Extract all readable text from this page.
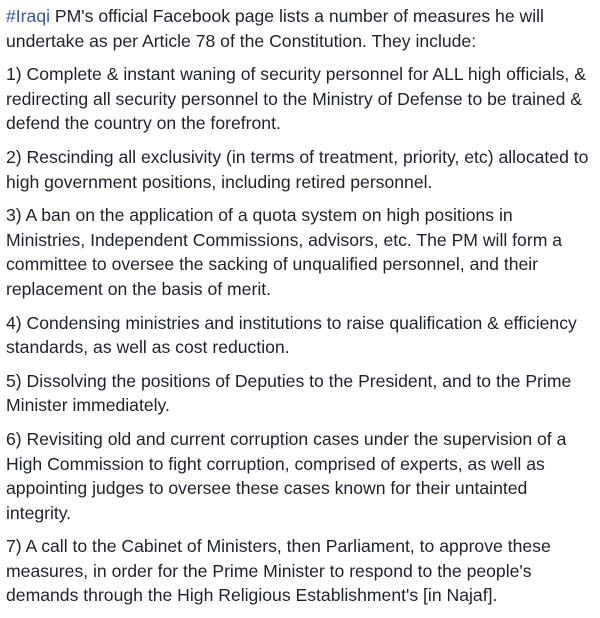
#Iraqi PM's official Facebook page lists a number of measures he will undertake as per Article 78 of the Constitution. They include:

1) Complete & instant waning of security personnel for ALL high officials, & redirecting all security personnel to the Ministry of Defense to be trained & defend the country on the forefront.

2) Rescinding all exclusivity (in terms of treatment, priority, etc) allocated to high government positions, including retired personnel.

3) A ban on the application of a quota system on high positions in Ministries, Independent Commissions, advisors, etc. The PM will form a committee to oversee the sacking of unqualified personnel, and their replacement on the basis of merit.

4) Condensing ministries and institutions to raise qualification & efficiency standards, as well as cost reduction.

5) Dissolving the positions of Deputies to the President, and to the Prime Minister immediately.

6) Revisiting old and current corruption cases under the supervision of a High Commission to fight corruption, comprised of experts, as well as appointing judges to oversee these cases known for their untainted integrity.

7) A call to the Cabinet of Ministers, then Parliament, to approve these measures, in order for the Prime Minister to respond to the people's demands through the High Religious Establishment's [in Najaf].
